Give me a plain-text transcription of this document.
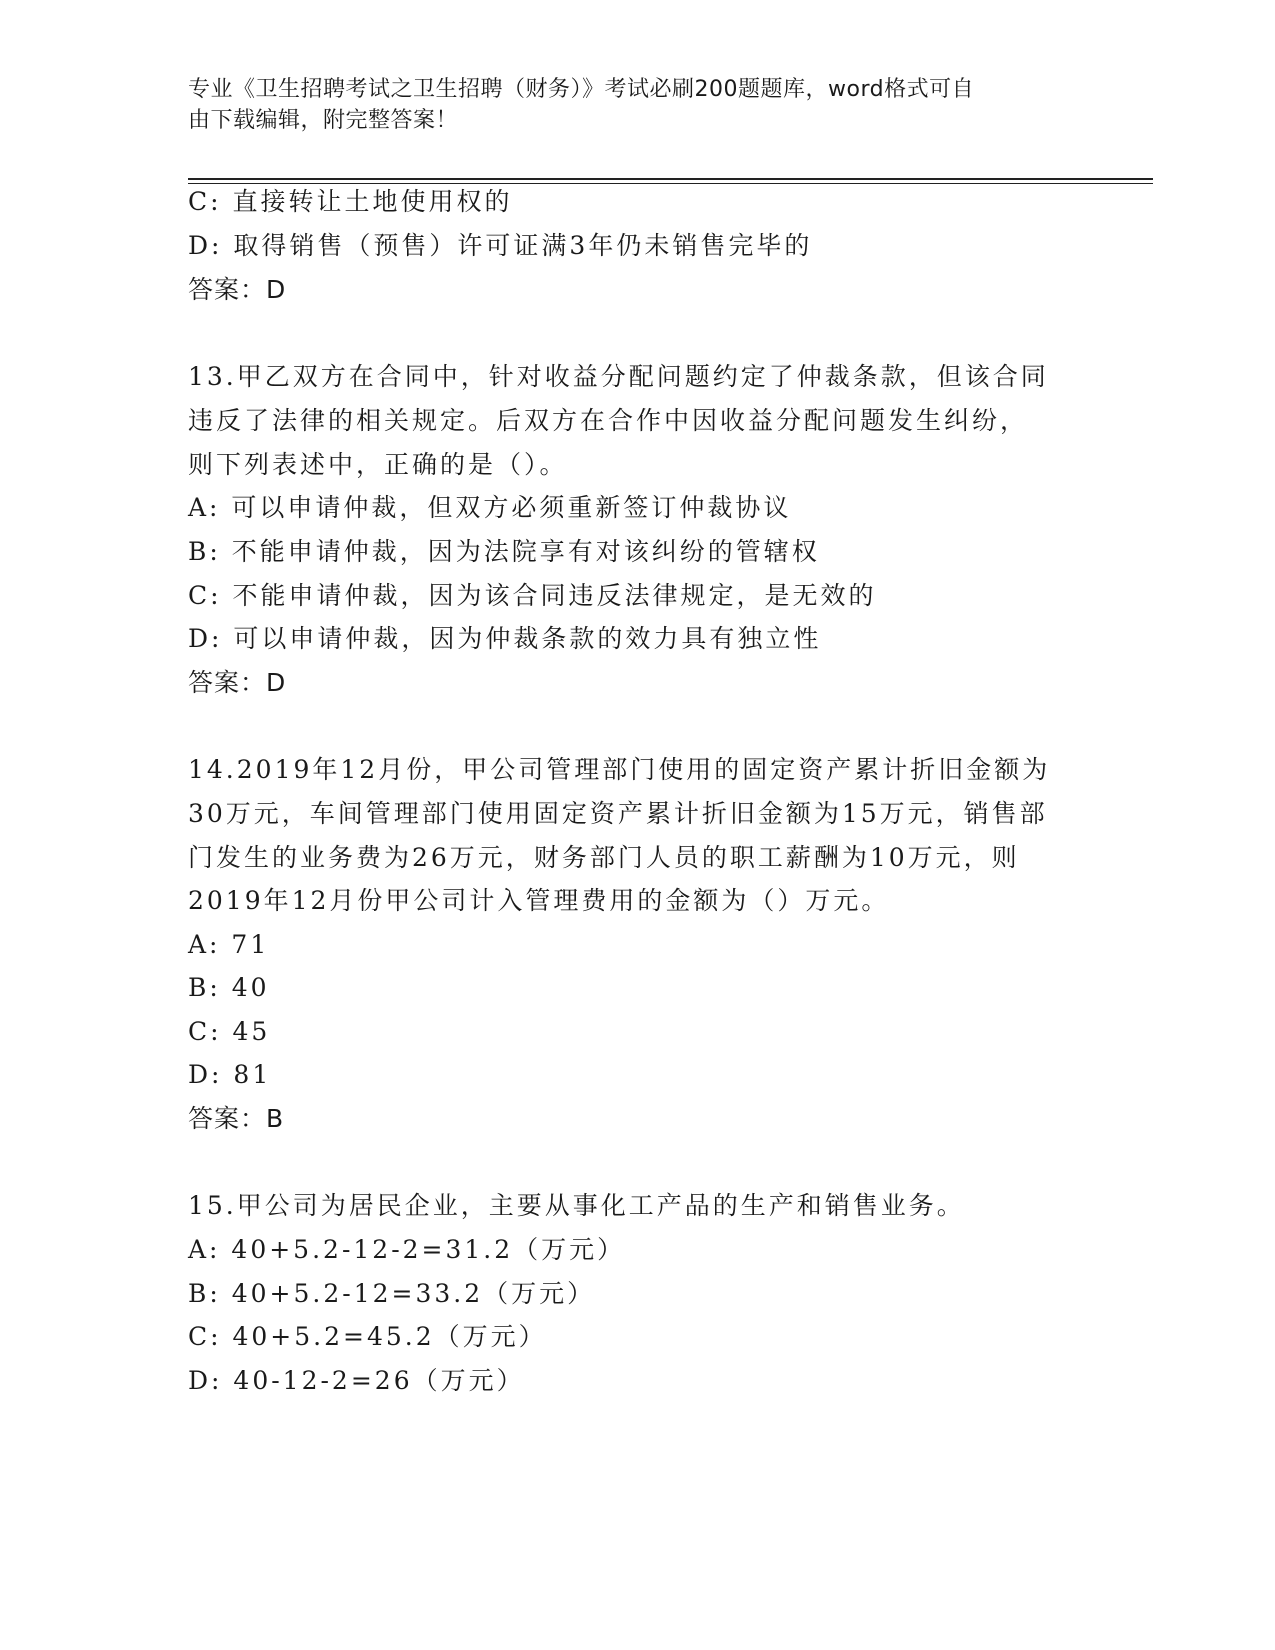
专业《卫生招聘考试之卫生招聘（财务）》考试必刷200题题库，word格式可自
由下载编辑，附完整答案！
C: 直接转让土地使用权的
D: 取得销售（预售）许可证满3年仍未销售完毕的
答案：D
13.甲乙双方在合同中，针对收益分配问题约定了仲裁条款，但该合同
违反了法律的相关规定。后双方在合作中因收益分配问题发生纠纷，
则下列表述中，正确的是（）。
A: 可以申请仲裁，但双方必须重新签订仲裁协议
B: 不能申请仲裁，因为法院享有对该纠纷的管辖权
C: 不能申请仲裁，因为该合同违反法律规定，是无效的
D: 可以申请仲裁，因为仲裁条款的效力具有独立性
答案：D
14.2019年12月份，甲公司管理部门使用的固定资产累计折旧金额为
30万元，车间管理部门使用固定资产累计折旧金额为15万元，销售部
门发生的业务费为26万元，财务部门人员的职工薪酬为10万元，则
2019年12月份甲公司计入管理费用的金额为（）万元。
A: 71
B: 40
C: 45
D: 81
答案：B
15.甲公司为居民企业，主要从事化工产品的生产和销售业务。
A: 40+5.2-12-2=31.2（万元）
B: 40+5.2-12=33.2（万元）
C: 40+5.2=45.2（万元）
D: 40-12-2=26（万元）
